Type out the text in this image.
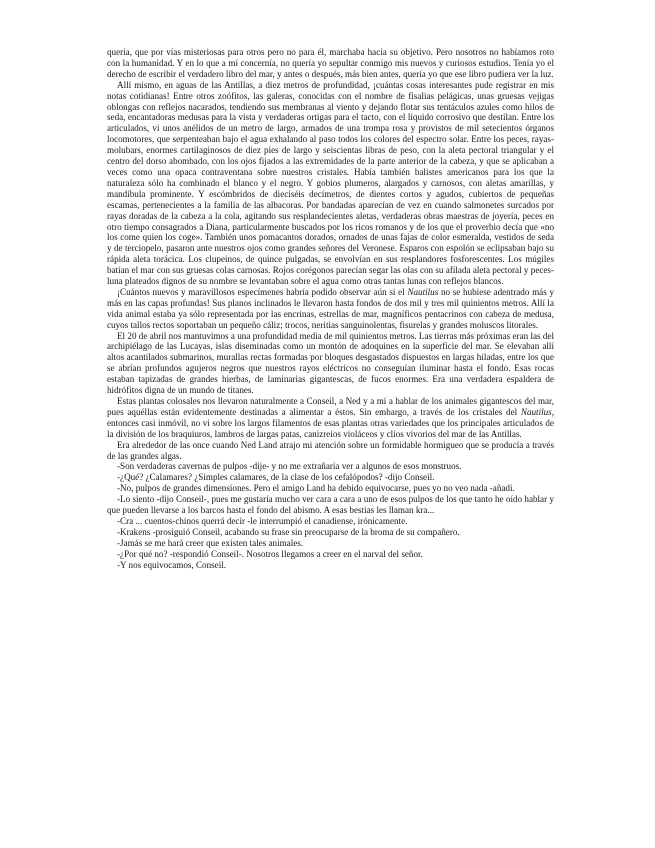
quería, que por vías misteriosas para otros pero no para él, marchaba hacia su objetivo. Pero nosotros no habíamos roto con la humanidad. Y en lo que a mí concernía, no quería yo sepultar conmigo mis nuevos y curiosos estudios. Tenía yo el derecho de escribir el verdadero libro del mar, y antes o después, más bien antes, quería yo que ese libro pudiera ver la luz.

Allí mismo, en aguas de las Antillas, a diez metros de profundidad, ¡cuántas cosas interesantes pude registrar en mis notas cotidianas! Entre otros zoófitos, las galeras, conocidas con el nombre de fisalias pelágicas, unas gruesas vejigas oblongas con reflejos nacarados, tendiendo sus membranas al viento y dejando flotar sus tentáculos azules como hilos de seda, encantadoras medusas para la vista y verdaderas ortigas para el tacto, con el líquido corrosivo que destilan. Entre los articulados, vi unos anélidos de un metro de largo, armados de una trompa rosa y provistos de mil setecientos órganos locomotores, que serpenteaban bajo el agua exhalando al paso todos los colores del espectro solar. Entre los peces, rayas-molubars, enormes cartilaginosos de diez pies de largo y seiscientas libras de peso, con la aleta pectoral triangular y el centro del dorso abombado, con los ojos fijados a las extremidades de la parte anterior de la cabeza, y que se aplicaban a veces como una opaca contraventana sobre nuestros cristales. Había también balistes americanos para los que la naturaleza sólo ha combinado el blanco y el negro. Y gobios plumeros, alargados y carnosos, con aletas amarillas, y mandíbula prominente. Y escómbridos de dieciséis decímetros, de dientes cortos y agudos, cubiertos de pequeñas escamas, pertenecientes a la familia de las albacoras. Por bandadas aparecían de vez en cuando salmonetes surcados por rayas doradas de la cabeza a la cola, agitando sus resplandecientes aletas, verdaderas obras maestras de joyería, peces en otro tiempo consagrados a Diana, particularmente buscados por los ricos romanos y de los que el proverbio decía que «no los come quien los coge». También unos pomacantos dorados, ornados de unas fajas de color esmeralda, vestidos de seda y de terciopelo, pasaron ante nuestros ojos como grandes señores del Veronese. Esparos con espolón se eclipsaban bajo su rápida aleta torácica. Los clupeinos, de quince pulgadas, se envolvían en sus resplandores fosforescentes. Los múgiles batían el mar con sus gruesas colas carnosas. Rojos corégonos parecían segar las olas con su afilada aleta pectoral y peces-luna plateados dignos de su nombre se levantaban sobre el agua como otras tantas lunas con reflejos blancos.

¡Cuántos nuevos y maravillosos especímenes habría podido observar aún si el Nautilus no se hubiese adentrado más y más en las capas profundas! Sus planos inclinados le llevaron hasta fondos de dos mil y tres mil quinientos metros. Allí la vida animal estaba ya sólo representada por las encrinas, estrellas de mar, magníficos pentacrinos con cabeza de medusa, cuyos tallos rectos soportaban un pequeño cáliz; trocos, neritias sanguinolentas, fisurelas y grandes moluscos litorales.

El 20 de abril nos mantuvimos a una profundidad media de mil quinientos metros. Las tierras más próximas eran las del archipiélago de las Lucayas, islas diseminadas como un montón de adoquines en la superficie del mar. Se elevaban allí altos acantilados submarinos, murallas rectas formadas por bloques desgastados dispuestos en largas hiladas, entre los que se abrían profundos agujeros negros que nuestros rayos eléctricos no conseguían iluminar hasta el fondo. Esas rocas estaban tapizadas de grandes hierbas, de laminarias gigantescas, de fucos enormes. Era una verdadera espaldera de hidrófitos digna de un mundo de titanes.

Estas plantas colosales nos llevaron naturalmente a Conseil, a Ned y a mí a hablar de los animales gigantescos del mar, pues aquéllas están evidentemente destinadas a alimentar a éstos. Sin embargo, a través de los cristales del Nautilus, entonces casi inmóvil, no vi sobre los largos filamentos de esas plantas otras variedades que los principales articulados de la división de los braquiuros, lambros de largas patas, canizreios violáceos y clíos vivorios del mar de las Antillas.

Era alrededor de las once cuando Ned Land atrajo mi atención sobre un formidable hormigueo que se producía a través de las grandes algas.

-Son verdaderas cavernas de pulpos -dije- y no me extrañaría ver a algunos de esos monstruos.

-¿Qué? ¿Calamares? ¿Simples calamares, de la clase de los cefalópodos? -dijo Conseil.

-No, pulpos de grandes dimensiones. Pero el amigo Land ha debido equivocarse, pues yo no veo nada -añadí.

-Lo siento -dijo Conseil-, pues me gustaría mucho ver cara a cara a uno de esos pulpos de los que tanto he oído hablar y que pueden llevarse a los barcos hasta el fondo del abismo. A esas bestias les llaman kra...

-Cra ... cuentos-chinos querrá decir -le interrumpió el canadiense, irónicamente.

-Krakens -prosiguió Conseil, acabando su frase sin preocuparse de la broma de su compañero.

-Jamás se me hará creer que existen tales animales.

-¿Por qué no? -respondió Conseil-. Nosotros llegamos a creer en el narval del señor.

-Y nos equivocamos, Conseil.
